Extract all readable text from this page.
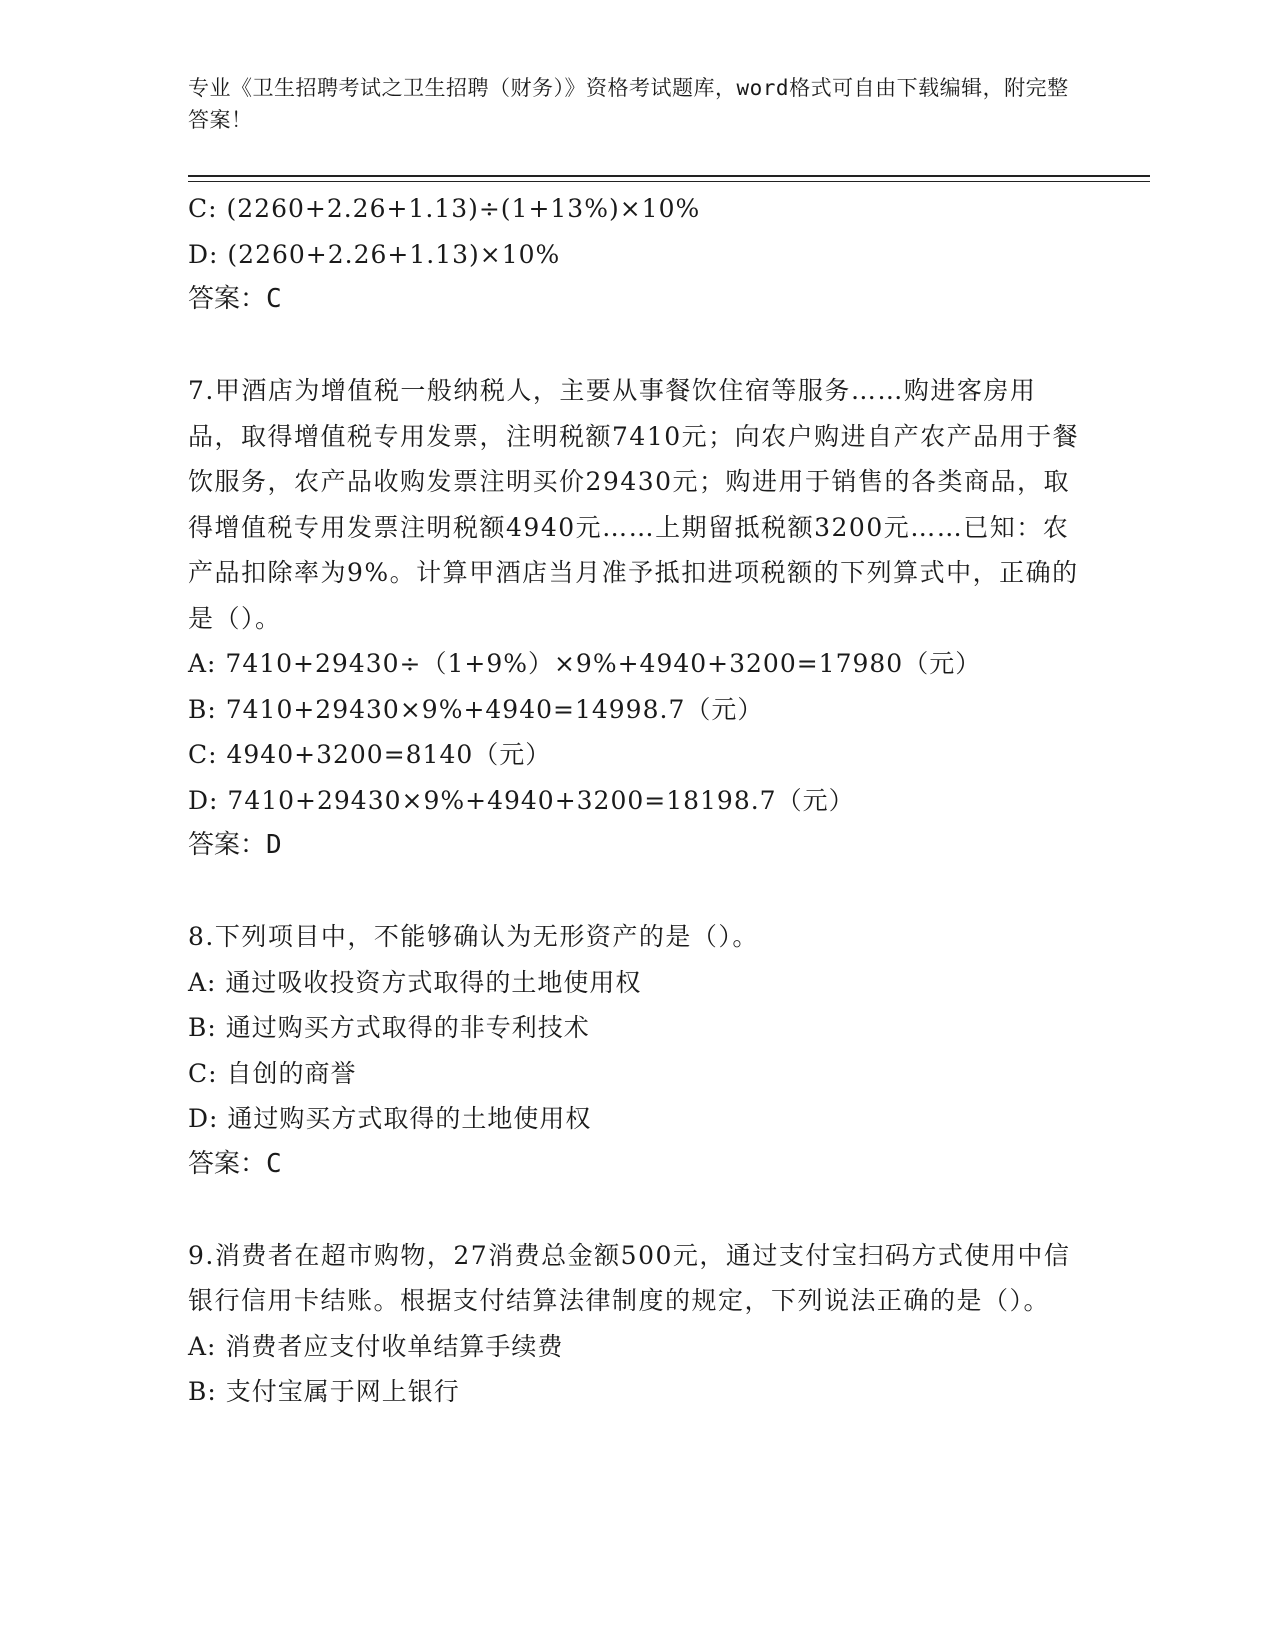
专业《卫生招聘考试之卫生招聘（财务）》资格考试题库，word格式可自由下载编辑，附完整答案！
C: (2260+2.26+1.13)÷(1+13%)×10%
D: (2260+2.26+1.13)×10%
答案：C
7.甲酒店为增值税一般纳税人，主要从事餐饮住宿等服务……购进客房用品，取得增值税专用发票，注明税额7410元；向农户购进自产农产品用于餐饮服务，农产品收购发票注明买价29430元；购进用于销售的各类商品，取得增值税专用发票注明税额4940元……上期留抵税额3200元……已知：农产品扣除率为9%。计算甲酒店当月准予抵扣进项税额的下列算式中，正确的是（）。
A: 7410+29430÷（1+9%）×9%+4940+3200=17980（元）
B: 7410+29430×9%+4940=14998.7（元）
C: 4940+3200=8140（元）
D: 7410+29430×9%+4940+3200=18198.7（元）
答案：D
8.下列项目中，不能够确认为无形资产的是（）。
A: 通过吸收投资方式取得的土地使用权
B: 通过购买方式取得的非专利技术
C: 自创的商誉
D: 通过购买方式取得的土地使用权
答案：C
9.消费者在超市购物，27消费总金额500元，通过支付宝扫码方式使用中信银行信用卡结账。根据支付结算法律制度的规定，下列说法正确的是（）。
A: 消费者应支付收单结算手续费
B: 支付宝属于网上银行
